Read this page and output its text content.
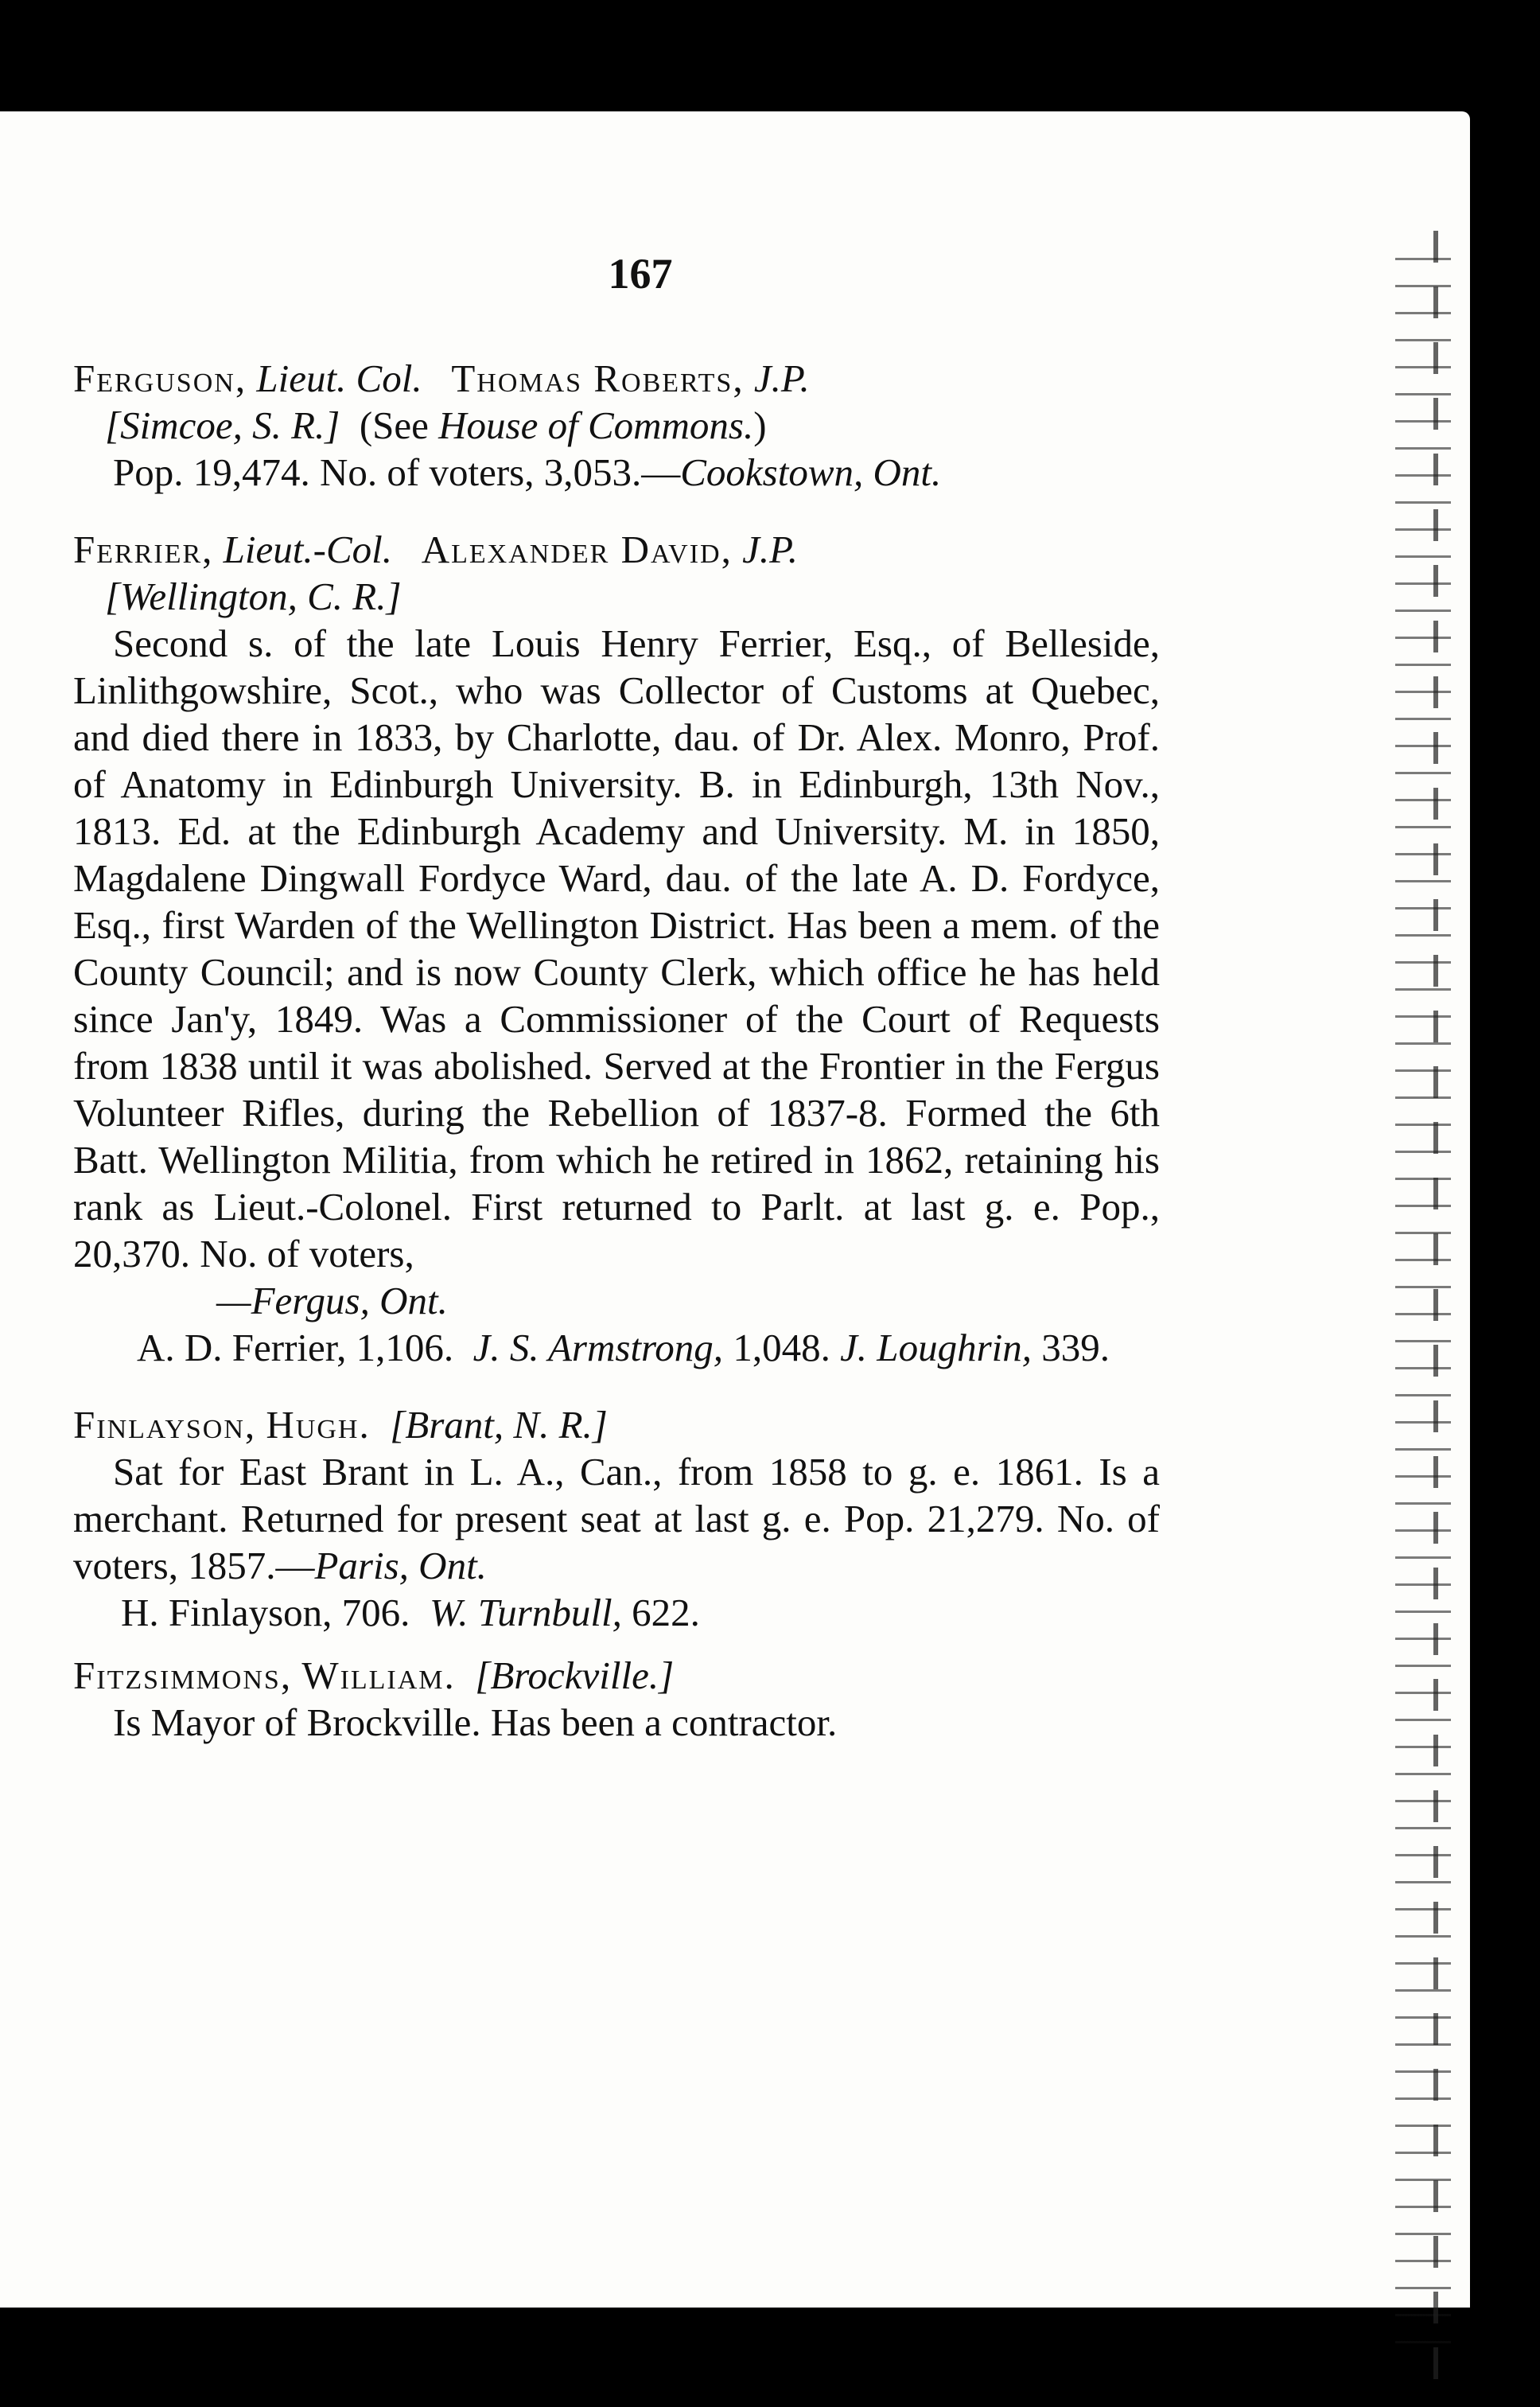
167

Ferguson, Lieut. Col. Thomas Roberts, J.P.

[Simcoe, S. R.] (See House of Commons.)

Pop. 19,474. No. of voters, 3,053.—Cookstown, Ont.

Ferrier, Lieut.-Col. Alexander David, J.P.

[Wellington, C. R.]

Second s. of the late Louis Henry Ferrier, Esq., of Belleside, Linlithgowshire, Scot., who was Collector of Customs at Quebec, and died there in 1833, by Charlotte, dau. of Dr. Alex. Monro, Prof. of Anatomy in Edinburgh University. B. in Edinburgh, 13th Nov., 1813. Ed. at the Edinburgh Academy and University. M. in 1850, Magdalene Dingwall Fordyce Ward, dau. of the late A. D. Fordyce, Esq., first Warden of the Wellington District. Has been a mem. of the County Council; and is now County Clerk, which office he has held since Jan'y, 1849. Was a Commissioner of the Court of Requests from 1838 until it was abolished. Served at the Frontier in the Fergus Volunteer Rifles, during the Rebellion of 1837-8. Formed the 6th Batt. Wellington Militia, from which he retired in 1862, retaining his rank as Lieut.-Colonel. First returned to Parlt. at last g. e. Pop., 20,370. No. of voters,

—Fergus, Ont.

A. D. Ferrier, 1,106. J. S. Armstrong, 1,048. J. Loughrin, 339.

Finlayson, Hugh. [Brant, N. R.]

Sat for East Brant in L. A., Can., from 1858 to g. e. 1861. Is a merchant. Returned for present seat at last g. e. Pop. 21,279. No. of voters, 1857.—Paris, Ont.

H. Finlayson, 706. W. Turnbull, 622.

Fitzsimmons, William. [Brockville.]

Is Mayor of Brockville. Has been a contractor.
